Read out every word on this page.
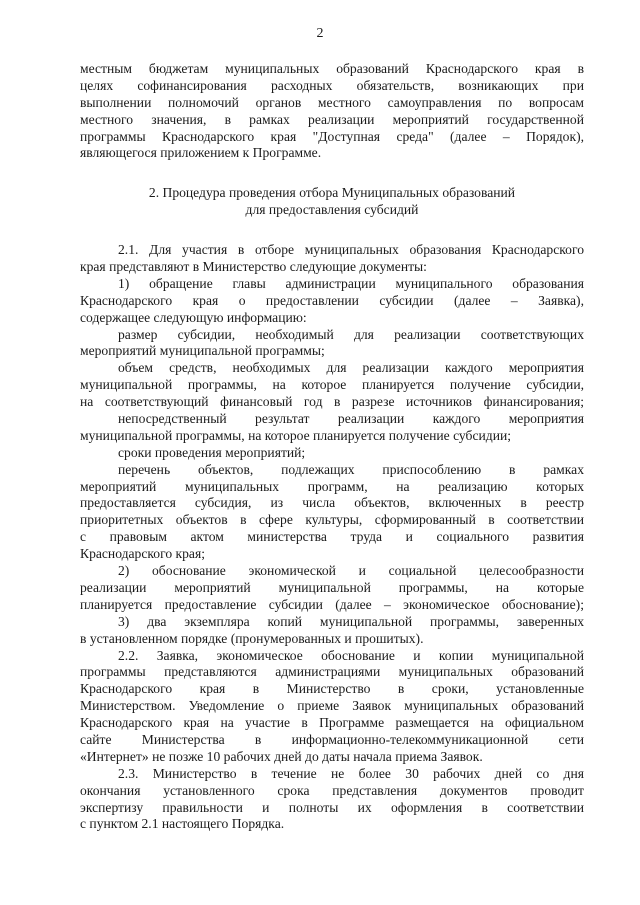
2
местным бюджетам муниципальных образований Краснодарского края в
целях софинансирования расходных обязательств, возникающих при
выполнении полномочий органов местного самоуправления по вопросам
местного значения, в рамках реализации мероприятий государственной
программы Краснодарского края "Доступная среда" (далее – Порядок),
являющегося приложением к Программе.
2. Процедура проведения отбора Муниципальных образований
для предоставления субсидий
2.1. Для участия в отборе муниципальных образования Краснодарского
края представляют в Министерство следующие документы:
1) обращение главы администрации муниципального образования
Краснодарского края о предоставлении субсидии (далее – Заявка),
содержащее следующую информацию:
размер субсидии, необходимый для реализации соответствующих
мероприятий муниципальной программы;
объем средств, необходимых для реализации каждого мероприятия
муниципальной программы, на которое планируется получение субсидии,
на соответствующий финансовый год в разрезе источников финансирования;
непосредственный результат реализации каждого мероприятия
муниципальной программы, на которое планируется получение субсидии;
сроки проведения мероприятий;
перечень объектов, подлежащих приспособлению в рамках
мероприятий муниципальных программ, на реализацию которых
предоставляется субсидия, из числа объектов, включенных в реестр
приоритетных объектов в сфере культуры, сформированный в соответствии
с правовым актом министерства труда и социального развития
Краснодарского края;
2) обоснование экономической и социальной целесообразности
реализации мероприятий муниципальной программы, на которые
планируется предоставление субсидии (далее – экономическое обоснование);
3) два экземпляра копий муниципальной программы, заверенных
в установленном порядке (пронумерованных и прошитых).
2.2. Заявка, экономическое обоснование и копии муниципальной
программы представляются администрациями муниципальных образований
Краснодарского края в Министерство в сроки, установленные
Министерством. Уведомление о приеме Заявок муниципальных образований
Краснодарского края на участие в Программе размещается на официальном
сайте Министерства в информационно-телекоммуникационной сети
«Интернет» не позже 10 рабочих дней до даты начала приема Заявок.
2.3. Министерство в течение не более 30 рабочих дней со дня
окончания установленного срока представления документов проводит
экспертизу правильности и полноты их оформления в соответствии
с пунктом 2.1 настоящего Порядка.
